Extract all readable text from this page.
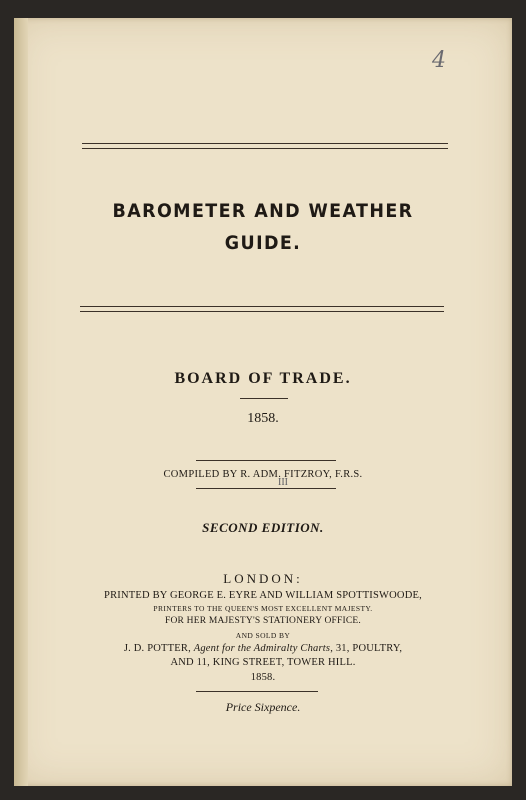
4
BAROMETER AND WEATHER
GUIDE.
BOARD OF TRADE.
1858.
COMPILED BY R. ADM. FITZROY, F.R.S.
III
SECOND EDITION.
LONDON:
PRINTED BY GEORGE E. EYRE AND WILLIAM SPOTTISWOODE,
PRINTERS TO THE QUEEN'S MOST EXCELLENT MAJESTY.
FOR HER MAJESTY'S STATIONERY OFFICE.
AND SOLD BY
J. D. POTTER, Agent for the Admiralty Charts, 31, POULTRY,
AND 11, KING STREET, TOWER HILL.
1858.
Price Sixpence.
